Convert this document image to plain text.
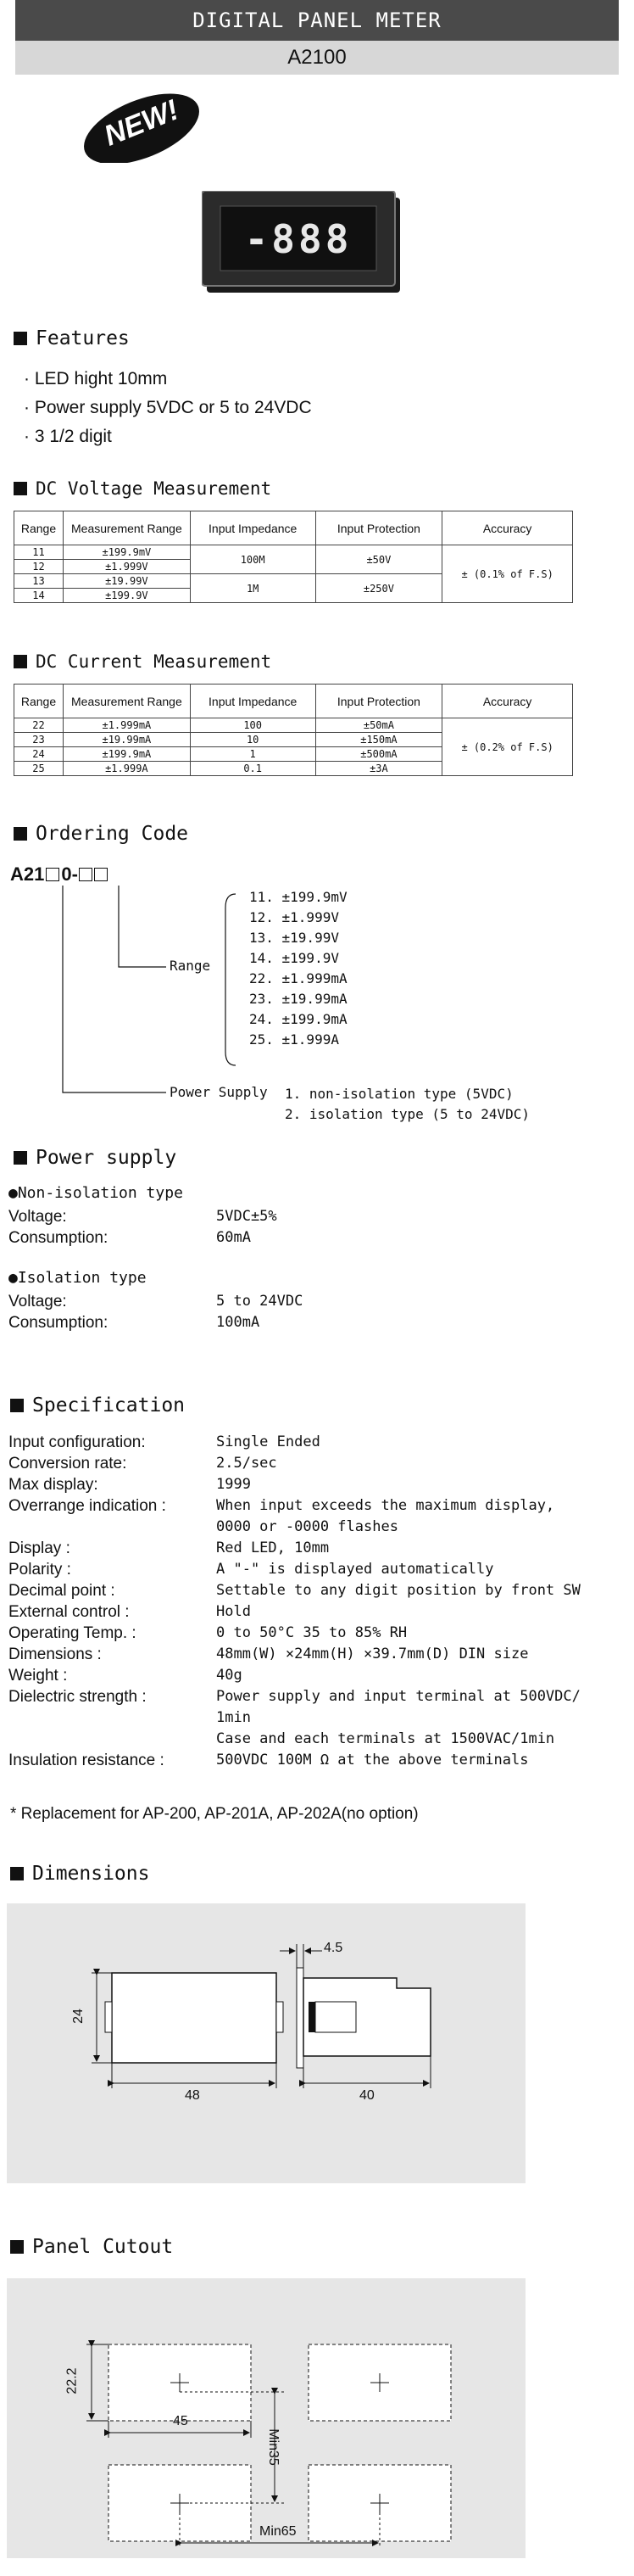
DIGITAL PANEL METER
A2100
NEW!
-888
Features
· LED hight 10mm
· Power supply 5VDC or 5 to 24VDC
· 3 1/2 digit
DC Voltage Measurement
Range	Measurement Range	Input Impedance	Input Protection	Accuracy
11	±199.9mV	100M	±50V	± (0.1% of F.S)
12	±1.999V			
13	±19.99V	1M	±250V	
14	±199.9V			
DC Current Measurement
Range	Measurement Range	Input Impedance	Input Protection	Accuracy
22	±1.999mA	100	±50mA	± (0.2% of F.S)
23	±19.99mA	10	±150mA	
24	±199.9mA	1	±500mA	
25	±1.999A	0.1	±3A	
Ordering Code
A21 0-
Range
11. ±199.9mV
12. ±1.999V
13. ±19.99V
14. ±199.9V
22. ±1.999mA
23. ±19.99mA
24. ±199.9mA
25. ±1.999A
Power Supply 1. non-isolation type (5VDC)
2. isolation type (5 to 24VDC)
Power supply
●Non-isolation type
Voltage:	5VDC±5%
Consumption:	60mA
●Isolation type
Voltage:	5 to 24VDC
Consumption:	100mA
Specification
Input configuration:	Single Ended
Conversion rate:	2.5/sec
Max display:	1999
Overrange indication :	When input exceeds the maximum display,
0000 or -0000 flashes
Display :	Red LED, 10mm
Polarity :	A "-" is displayed automatically
Decimal point :	Settable to any digit position by front SW
External control :	Hold
Operating Temp. :	0 to 50°C 35 to 85% RH
Dimensions :	48mm(W) ×24mm(H) ×39.7mm(D) DIN size
Weight :	40g
Dielectric strength :	Power supply and input terminal at 500VDC/
1min
Case and each terminals at 1500VAC/1min
Insulation resistance :	500VDC 100M Ω at the above terminals
* Replacement for AP-200, AP-201A, AP-202A(no option)
Dimensions
24
48	40
4.5
Panel Cutout
22.2
45
Min35
Min65
